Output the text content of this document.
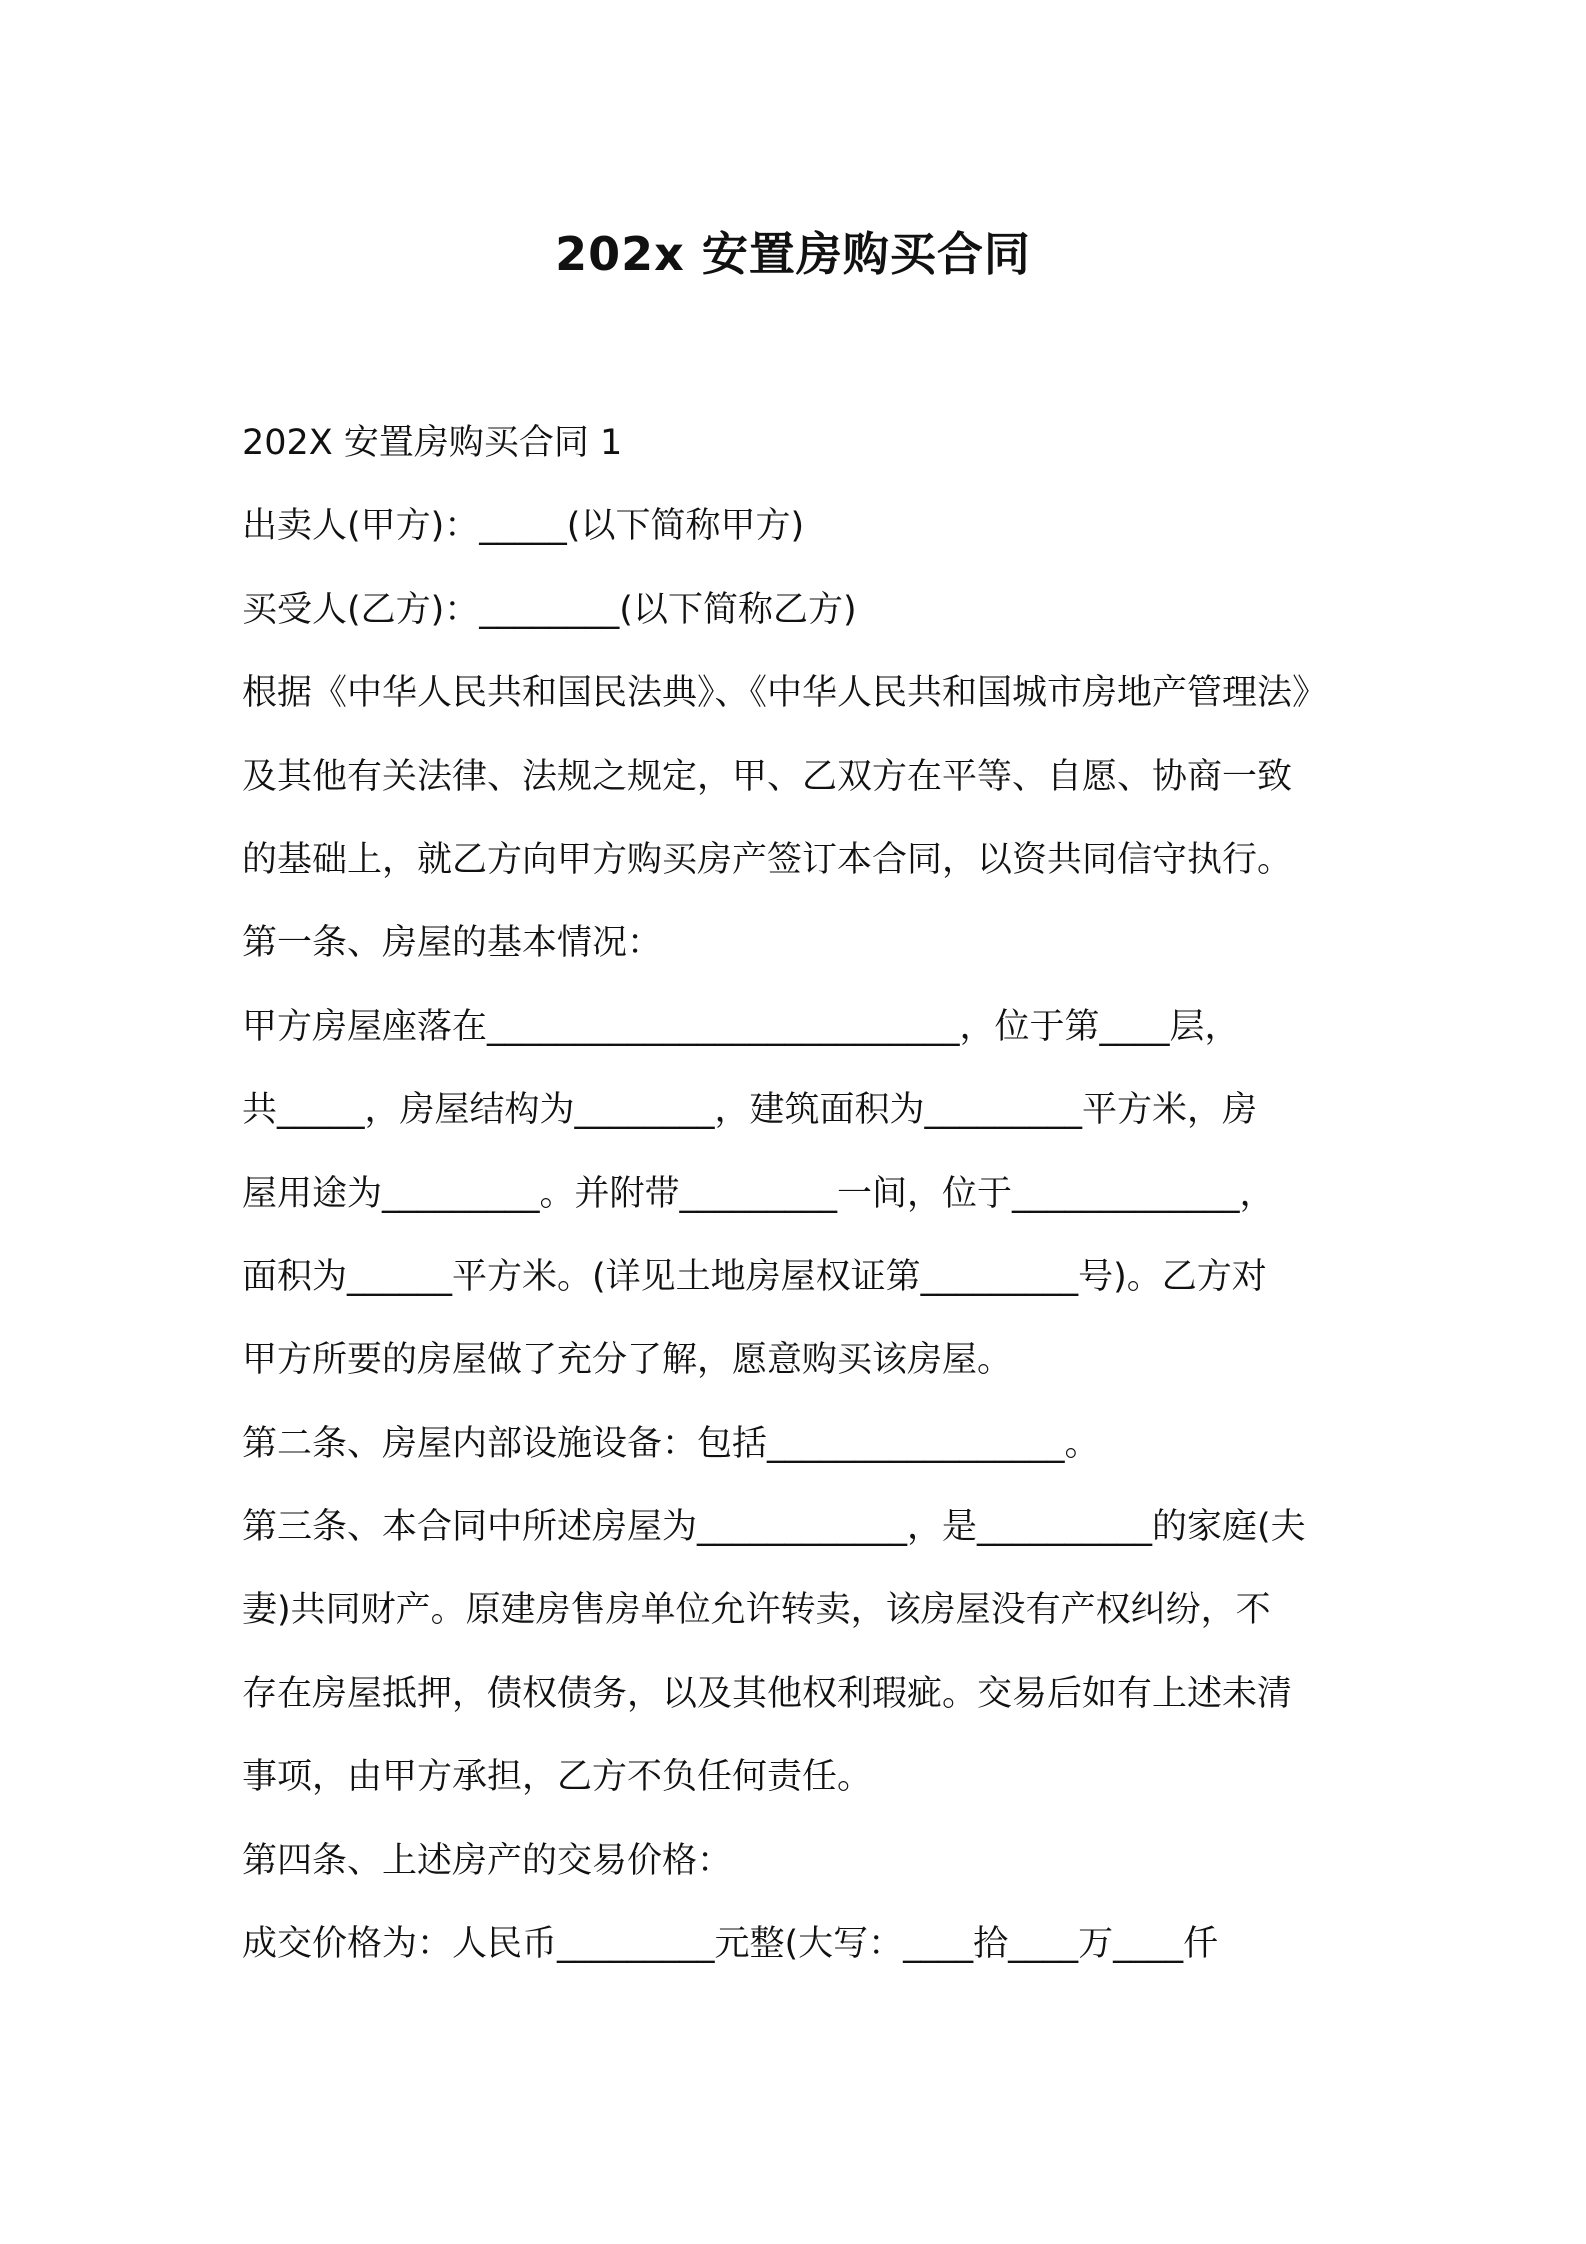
202x 安置房购买合同
202X 安置房购买合同 1
出卖人(甲方)：_____(以下简称甲方)
买受人(乙方)：________(以下简称乙方)
根据《中华人民共和国民法典》、《中华人民共和国城市房地产管理法》
及其他有关法律、法规之规定，甲、乙双方在平等、自愿、协商一致
的基础上，就乙方向甲方购买房产签订本合同，以资共同信守执行。
第一条、房屋的基本情况：
甲方房屋座落在___________________________，位于第____层，
共_____，房屋结构为________，建筑面积为_________平方米，房
屋用途为_________。并附带_________一间，位于_____________，
面积为______平方米。(详见土地房屋权证第_________号)。乙方对
甲方所要的房屋做了充分了解，愿意购买该房屋。
第二条、房屋内部设施设备：包括_________________。
第三条、本合同中所述房屋为____________，是__________的家庭(夫
妻)共同财产。原建房售房单位允许转卖，该房屋没有产权纠纷，不
存在房屋抵押，债权债务，以及其他权利瑕疵。交易后如有上述未清
事项，由甲方承担，乙方不负任何责任。
第四条、上述房产的交易价格：
成交价格为：人民币_________元整(大写：____拾____万____仟
